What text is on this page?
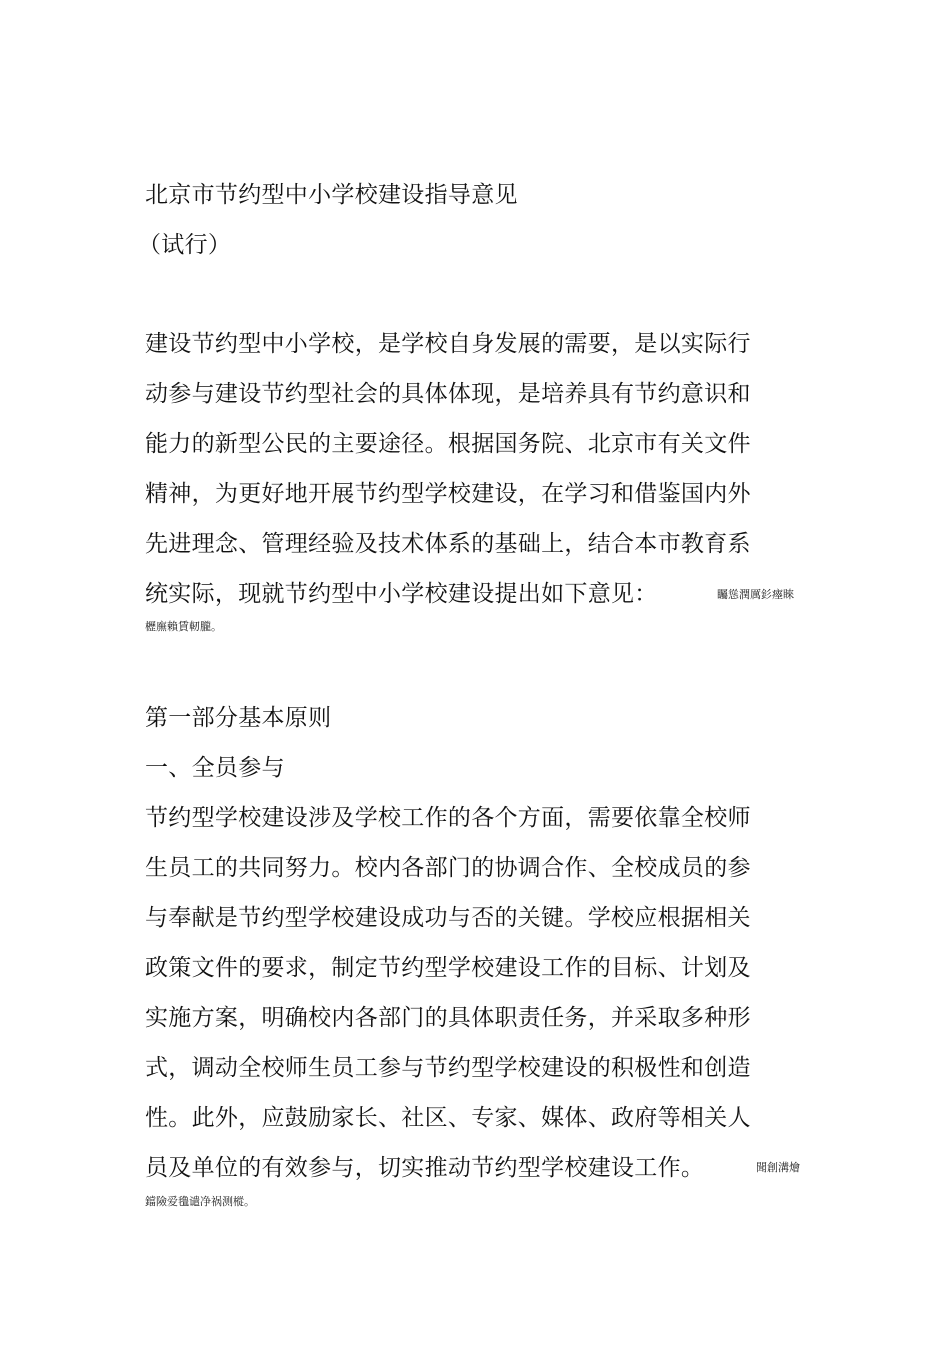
北京市节约型中小学校建设指导意见
（试行）
建设节约型中小学校，是学校自身发展的需要，是以实际行
动参与建设节约型社会的具体体现，是培养具有节约意识和
能力的新型公民的主要途径。根据国务院、北京市有关文件
精神，为更好地开展节约型学校建设，在学习和借鉴国内外
先进理念、管理经验及技术体系的基础上，结合本市教育系
统实际，现就节约型中小学校建设提出如下意见：	矚慫潤厲釤瘞睞
櫪廡賴賃軔朧。
第一部分基本原则
一、全员参与
节约型学校建设涉及学校工作的各个方面，需要依靠全校师
生员工的共同努力。校内各部门的协调合作、全校成员的参
与奉献是节约型学校建设成功与否的关键。学校应根据相关
政策文件的要求，制定节约型学校建设工作的目标、计划及
实施方案，明确校内各部门的具体职责任务，并采取多种形
式，调动全校师生员工参与节约型学校建设的积极性和创造
性。此外，应鼓励家长、社区、专家、媒体、政府等相关人
员及单位的有效参与，切实推动节约型学校建设工作。	聞創溝燴
鐺險爱氇谴净祸测樅。
